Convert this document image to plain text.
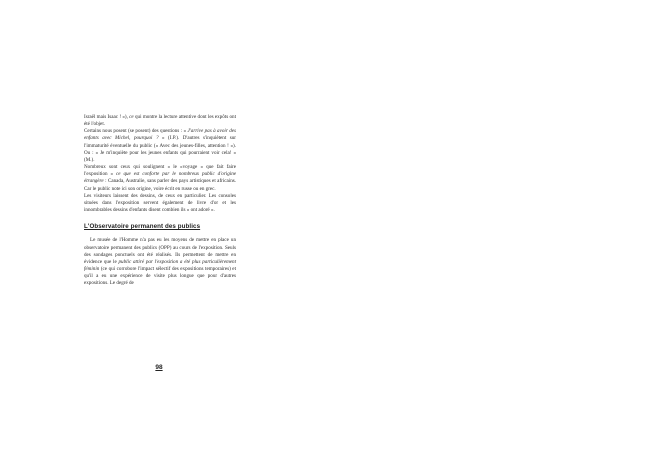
Israël mais Isaac ! »), ce qui montre la lecture attentive dont les expôts ont été l'objet.

Certains nous posent (se posent) des questions : « J'arrive pas à avoir des enfants avec Michel, pourquoi ? » (I.P.). D'autres s'inquiètent sur l'immaturité éventuelle du public (« Avec des jeunes-filles, attention ! »). Ou : « Je m'inquiète pour les jeunes enfants qui pourraient voir cela! » (M.).

Nombreux sont ceux qui soulignent « le «voyage » que fait faire l'exposition » ce que est conforte par le nombreux public d'origine étrangère : Canada, Australie, sans parler des pays artistiques et africains. Car le public note ici son origine, voire écrit en russe ou en grec.

Les visiteurs laissent des dessins, de ceux en particulier. Les consoles situées dans l'exposition servent également de livre d'or et les innombrables dessins d'enfants disent combien ils « ont adoré ».

L'Observatoire permanent des publics

Le musée de l'Homme n'a pas eu les moyens de mettre en place un observatoire permanent des publics (OPP) au cours de l'exposition. Seuls des sondages ponctuels ont été réalisés. Ils permettent de mettre en évidence que le public attiré par l'exposition a été plus particulièrement féminin (ce qui corrobore l'impact sélectif des expositions temporaires) et qu'il a eu une expérience de visite plus longue que pour d'autres expositions. Le degré de

98
